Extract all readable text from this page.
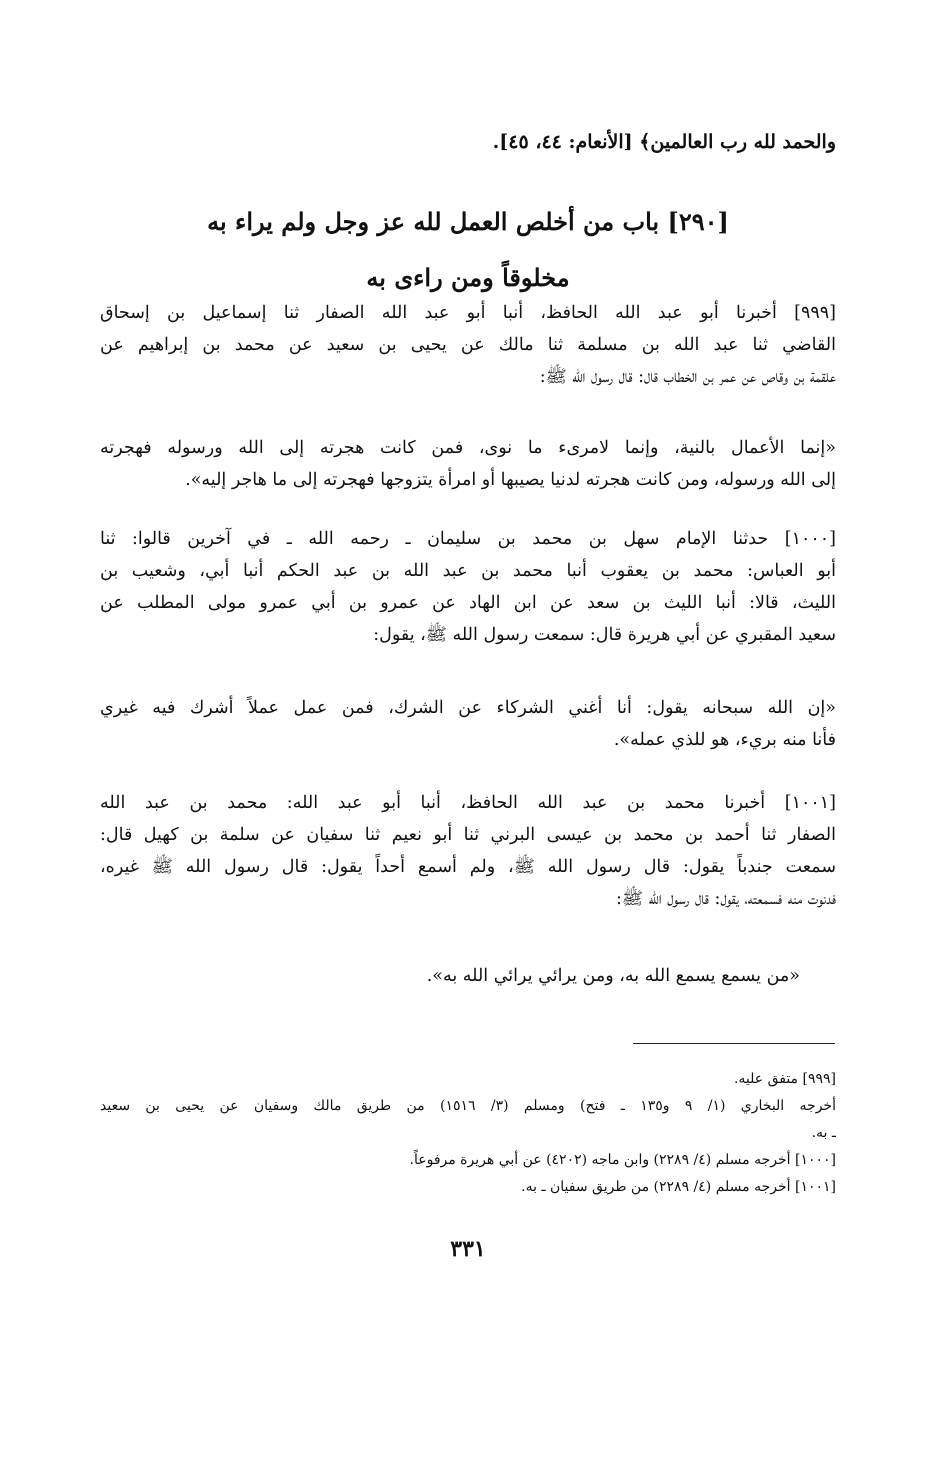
والحمد لله رب العالمين﴾ [الأنعام: ٤٤، ٤٥].
[٢٩٠] باب من أخلص العمل لله عز وجل ولم يراء به
مخلوقاً ومن راءى به
[٩٩٩] أخبرنا أبو عبد الله الحافظ، أنبا أبو عبد الله الصفار ثنا إسماعيل بن إسحاق
القاضي ثنا عبد الله بن مسلمة ثنا مالك عن يحيى بن سعيد عن محمد بن إبراهيم عن
علقمة بن وقاص عن عمر بن الخطاب قال: قال رسول الله ﷺ:
«إنما الأعمال بالنية، وإنما لامرىء ما نوى، فمن كانت هجرته إلى الله ورسوله فهجرته
إلى الله ورسوله، ومن كانت هجرته لدنيا يصيبها أو امرأة يتزوجها فهجرته إلى ما هاجر إليه».
[١٠٠٠] حدثنا الإمام سهل بن محمد بن سليمان ـ رحمه الله ـ في آخرين قالوا: ثنا
أبو العباس: محمد بن يعقوب أنبا محمد بن عبد الله بن عبد الحكم أنبا أبي، وشعيب بن
الليث، قالا: أنبا الليث بن سعد عن ابن الهاد عن عمرو بن أبي عمرو مولى المطلب عن
سعيد المقبري عن أبي هريرة قال: سمعت رسول الله ﷺ، يقول:
«إن الله سبحانه يقول: أنا أغني الشركاء عن الشرك، فمن عمل عملاً أشرك فيه غيري
فأنا منه بريء، هو للذي عمله».
[١٠٠١] أخبرنا محمد بن عبد الله الحافظ، أنبا أبو عبد الله: محمد بن عبد الله
الصفار ثنا أحمد بن محمد بن عيسى البرني ثنا أبو نعيم ثنا سفيان عن سلمة بن كهيل قال:
سمعت جندباً يقول: قال رسول الله ﷺ، ولم أسمع أحداً يقول: قال رسول الله ﷺ غيره،
فدنوت منه فسمعته، يقول: قال رسول الله ﷺ:
«من يسمع يسمع الله به، ومن يرائي يرائي الله به».
[٩٩٩] متفق عليه.
أخرجه البخاري (١/ ٩ و١٣٥ ـ فتح) ومسلم (٣/ ١٥١٦) من طريق مالك وسفيان عن يحيى بن سعيد
ـ به.
[١٠٠٠] أخرجه مسلم (٤/ ٢٢٨٩) وابن ماجه (٤٢٠٢) عن أبي هريرة مرفوعاً.
[١٠٠١] أخرجه مسلم (٤/ ٢٢٨٩) من طريق سفيان ـ به.
٣٣١
